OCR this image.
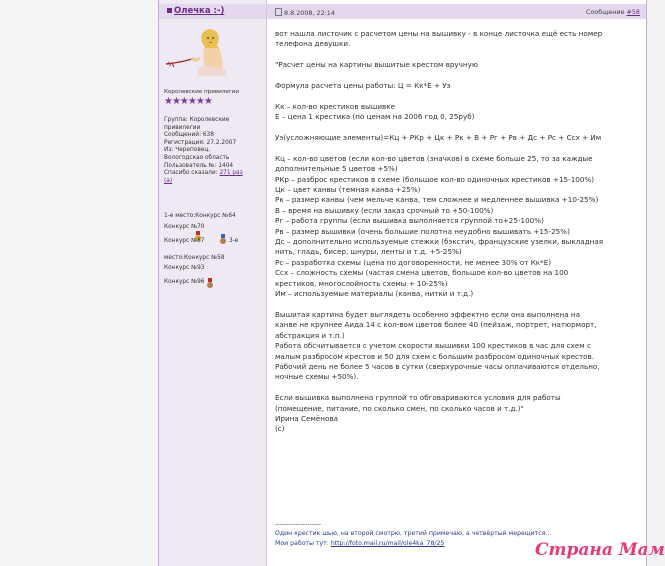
Олечка :-)
Королевские привилегии
★★★★★★
Группа: Королевские
привилегии
Сообщений: 638
Регистрация: 27.2.2007
Из: Череповец,
Вологодская область
Пользователь №: 1404
Спасибо сказали: 271 раз
(а)
1-е место:Конкурс №64
Конкурс №70
Конкурс №87	3-е
место:Конкурс №58
Конкурс №93
Конкурс №96
8.8.2008, 22:14	Сообщение #58

вот нашла листочик с расчетом цены на вышивку - в конце листочка ещё есть номер

телефона девушки.

"Расчет цены на картины вышитые крестом вручную

Формула расчета цены работы: Ц = Кк*Е + Уэ

Кк – кол-во крестиков вышивке

Е – цена 1 крестика (по ценам на 2006 год 0, 25руб)

Уэ(усложняющие элементы)=Кц + РКр + Цк + Рк + В + Рг + Рв + Дс + Рс + Ссх + Им

Кц – кол-во цветов (если кол-во цветов (значков) в схеме больше 25, то за каждые

дополнительные 5 цветов +5%)

РКр – разброс крестиков в схеме (большое кол-во одиночных крестиков +15-100%)

Цк – цвет канвы (темная канва +25%)

Рк – размер канвы (чем мельче канва, тем сложнее и медленнее вышивка +10-25%)

В – время на вышивку (если заказ срочный то +50-100%)

Рг – работа группы (если вышивка выполняется группой то+25-100%)

Рв – размер вышивки (очень большие полотна неудобно вышивать +15-25%)

Дс – дополнительно используемые стежки (бэкстич, французские узелки, выкладная

нить, гладь, бисер, шнуры, ленты и т.д. +5-25%)

Рс – разработка схемы (цена по договоренности, не менее 30% от Кк*Е)

Ссх – сложность схемы (частая смена цветов, большое кол-во цветов на 100

крестиков, многослойность схемы + 10-25%)

Им – используемые материалы (канва, нитки и т.д.)

Вышитая картина будет выглядеть особенно эффектно если она выполнена на

канве не крупнее Аида 14 с кол-вом цветов более 40 (пейзаж, портрет, натюрморт,

абстракция и т.п.)

Работа обсчитывается с учетом скорости вышивки 100 крестиков в час для схем с

малым разбросом крестов и 50 для схем с большим разбросом одиночных крестов.

Рабочий день не более 5 часов в сутки (сверхурочные часы оплачиваются отдельно,

ночные схемы +50%).

Если вышивка выполнена группой то обговариваются условия для работы

(помещение, питание, по сколько смен, по сколько часов и т.д.)"

Ирина Семёнова

(с)

--------------------
Один крестик шью, на второй смотрю, третий примечаю, а четвёртый мерещится...
Мои работы тут: http://foto.mail.ru/mail/ole4ka_78/25	Страна Мам
